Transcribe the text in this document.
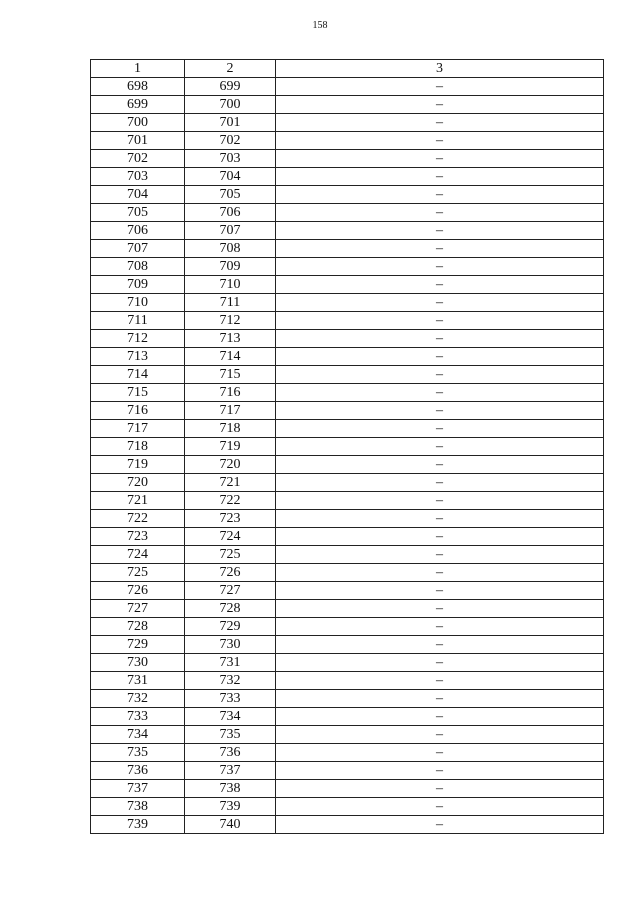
158
1	2	3
698	699	–
699	700	–
700	701	–
701	702	–
702	703	–
703	704	–
704	705	–
705	706	–
706	707	–
707	708	–
708	709	–
709	710	–
710	711	–
711	712	–
712	713	–
713	714	–
714	715	–
715	716	–
716	717	–
717	718	–
718	719	–
719	720	–
720	721	–
721	722	–
722	723	–
723	724	–
724	725	–
725	726	–
726	727	–
727	728	–
728	729	–
729	730	–
730	731	–
731	732	–
732	733	–
733	734	–
734	735	–
735	736	–
736	737	–
737	738	–
738	739	–
739	740	–
